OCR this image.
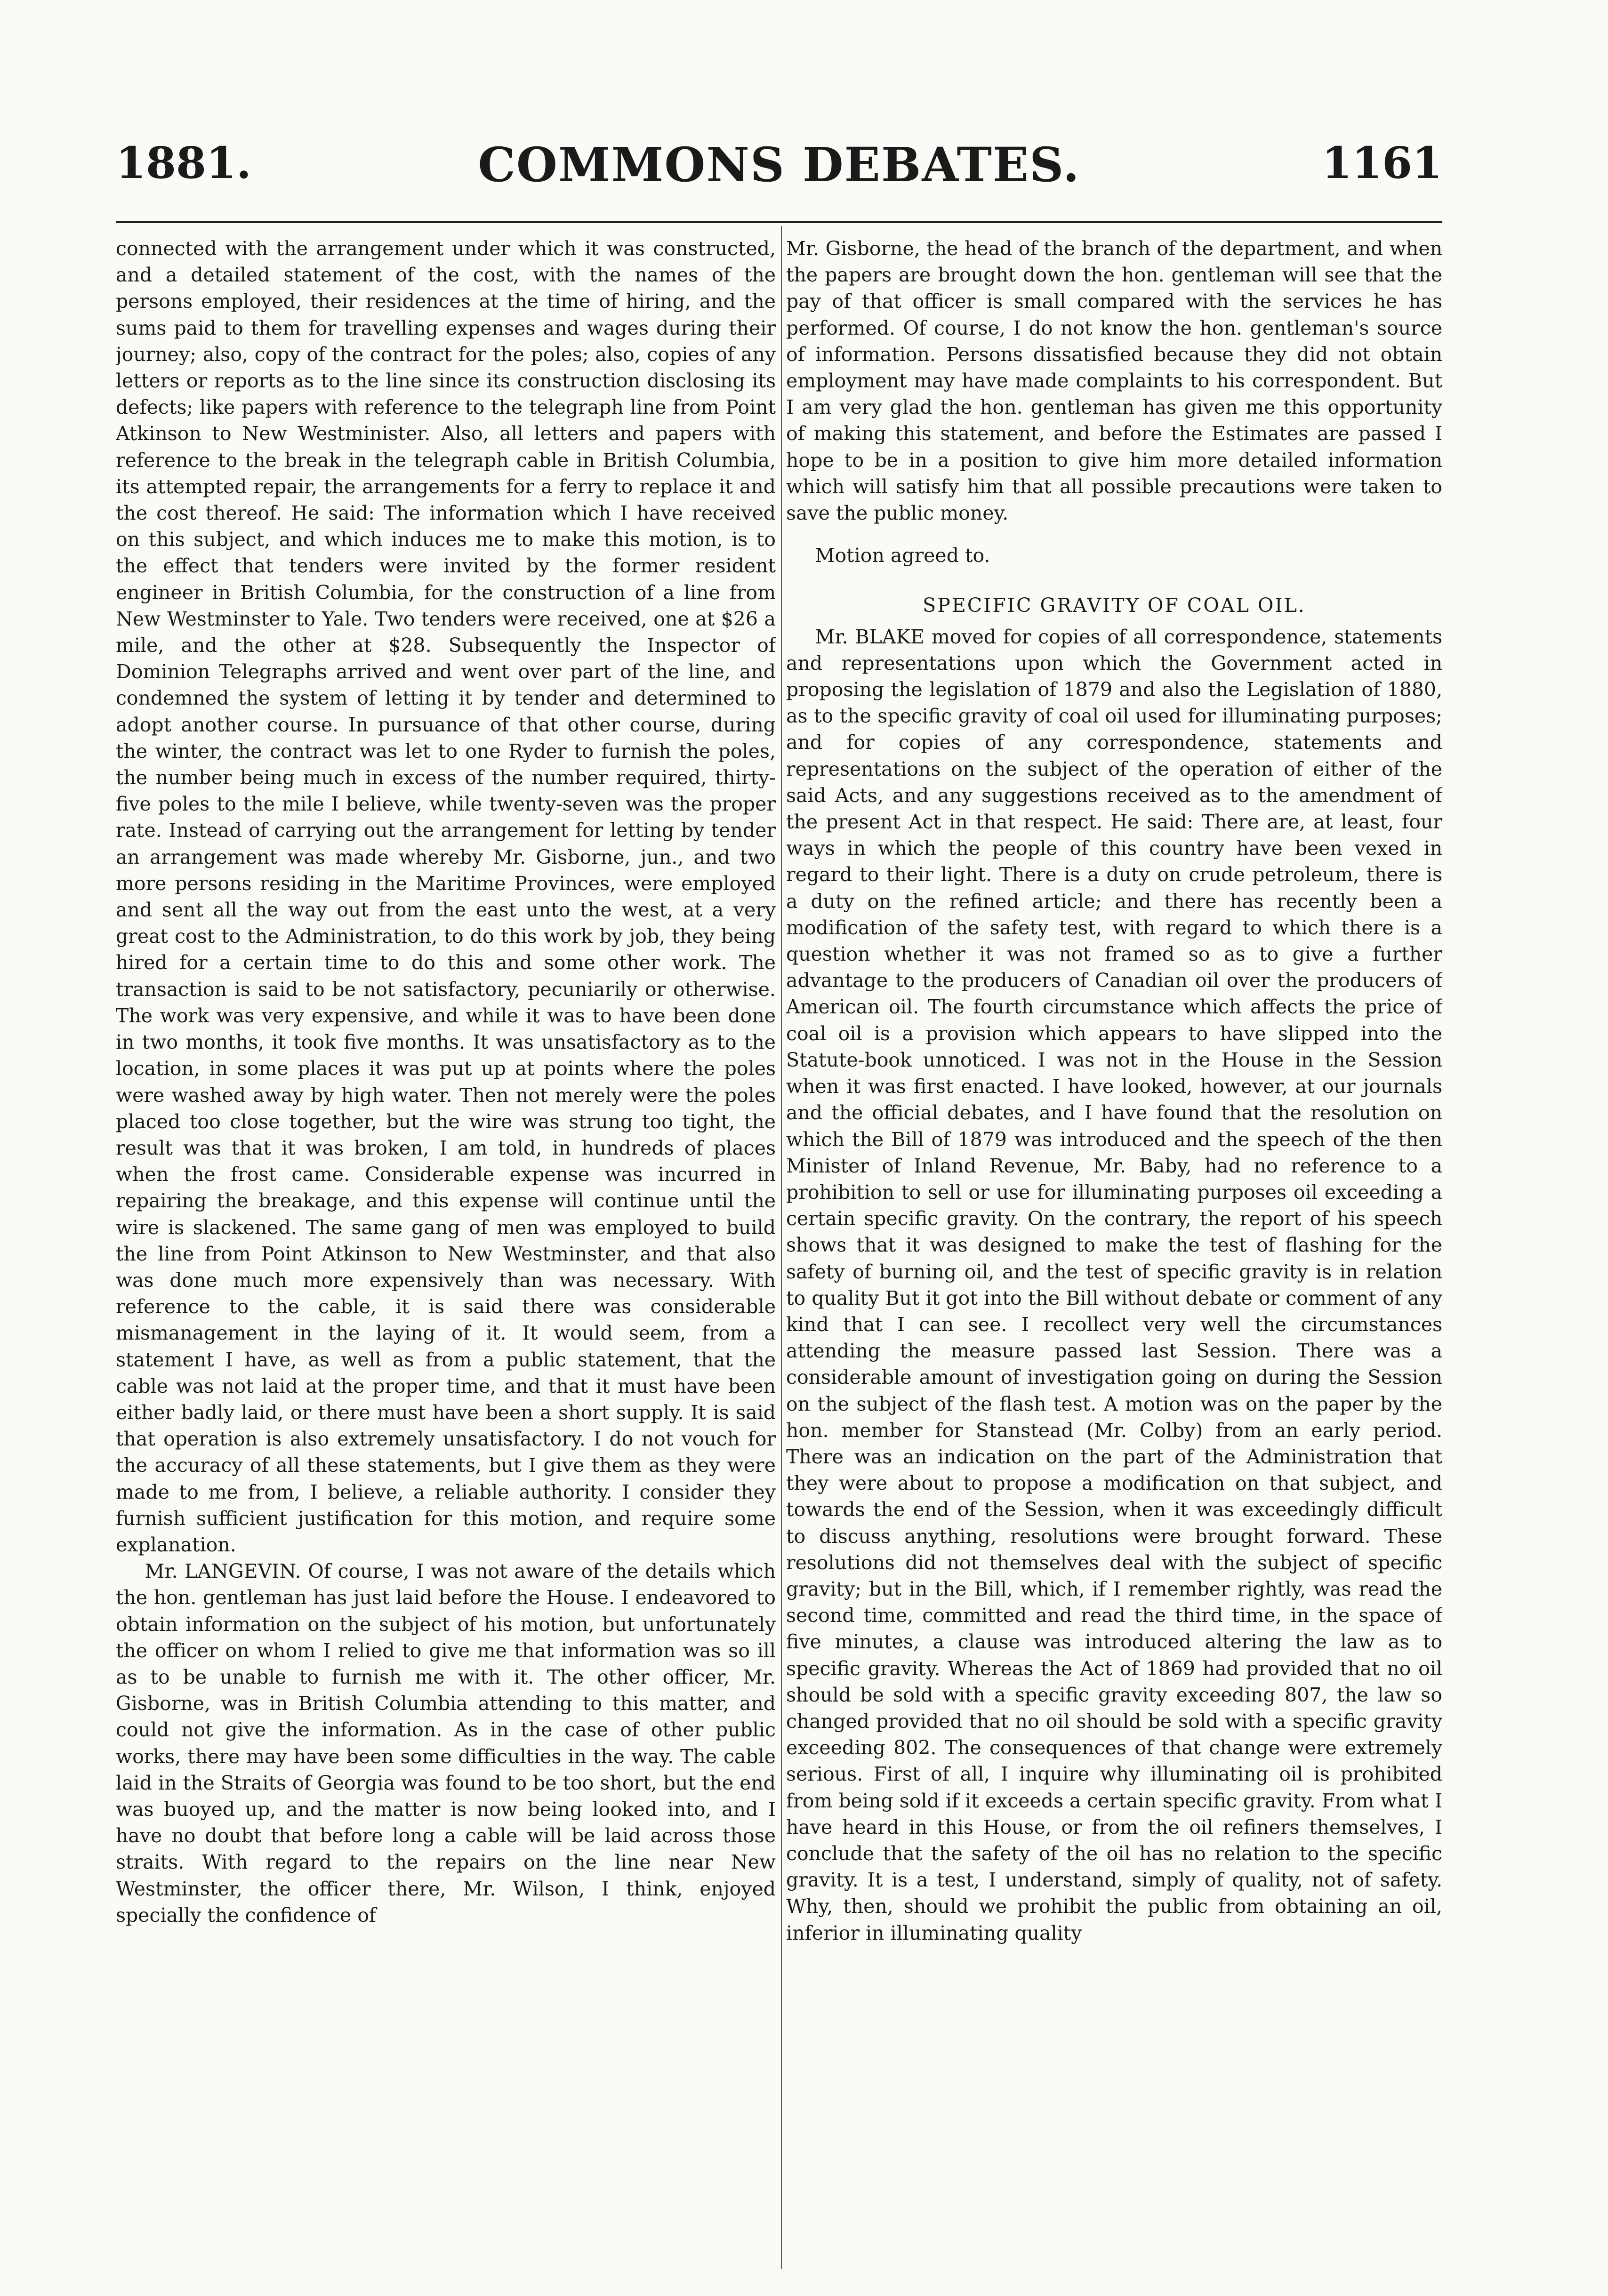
1881.	COMMONS DEBATES.	1161

connected with the arrangement under which it was constructed, and a detailed statement of the cost, with the names of the persons employed, their residences at the time of hiring, and the sums paid to them for travelling expenses and wages during their journey; also, copy of the contract for the poles; also, copies of any letters or reports as to the line since its construction disclosing its defects; like papers with reference to the telegraph line from Point Atkinson to New Westminister. Also, all letters and papers with reference to the break in the telegraph cable in British Columbia, its attempted repair, the arrangements for a ferry to replace it and the cost thereof. He said: The information which I have received on this subject, and which induces me to make this motion, is to the effect that tenders were invited by the former resident engineer in British Columbia, for the construction of a line from New Westminster to Yale. Two tenders were received, one at $26 a mile, and the other at $28. Subsequently the Inspector of Dominion Telegraphs arrived and went over part of the line, and condemned the system of letting it by tender and determined to adopt another course. In pursuance of that other course, during the winter, the contract was let to one Ryder to furnish the poles, the number being much in excess of the number required, thirty-five poles to the mile I believe, while twenty-seven was the proper rate. Instead of carrying out the arrangement for letting by tender an arrangement was made whereby Mr. Gisborne, jun., and two more persons residing in the Maritime Provinces, were employed and sent all the way out from the east unto the west, at a very great cost to the Administration, to do this work by job, they being hired for a certain time to do this and some other work. The transaction is said to be not satisfactory, pecuniarily or otherwise. The work was very expensive, and while it was to have been done in two months, it took five months. It was unsatisfactory as to the location, in some places it was put up at points where the poles were washed away by high water. Then not merely were the poles placed too close together, but the wire was strung too tight, the result was that it was broken, I am told, in hundreds of places when the frost came. Considerable expense was incurred in repairing the breakage, and this expense will continue until the wire is slackened. The same gang of men was employed to build the line from Point Atkinson to New Westminster, and that also was done much more expensively than was necessary. With reference to the cable, it is said there was considerable mismanagement in the laying of it. It would seem, from a statement I have, as well as from a public statement, that the cable was not laid at the proper time, and that it must have been either badly laid, or there must have been a short supply. It is said that operation is also extremely unsatisfactory. I do not vouch for the accuracy of all these statements, but I give them as they were made to me from, I believe, a reliable authority. I consider they furnish sufficient justification for this motion, and require some explanation.

Mr. LANGEVIN. Of course, I was not aware of the details which the hon. gentleman has just laid before the House. I endeavored to obtain information on the subject of his motion, but unfortunately the officer on whom I relied to give me that information was so ill as to be unable to furnish me with it. The other officer, Mr. Gisborne, was in British Columbia attending to this matter, and could not give the information. As in the case of other public works, there may have been some difficulties in the way. The cable laid in the Straits of Georgia was found to be too short, but the end was buoyed up, and the matter is now being looked into, and I have no doubt that before long a cable will be laid across those straits. With regard to the repairs on the line near New Westminster, the officer there, Mr. Wilson, I think, enjoyed specially the confidence of

Mr. Gisborne, the head of the branch of the department, and when the papers are brought down the hon. gentleman will see that the pay of that officer is small compared with the services he has performed. Of course, I do not know the hon. gentleman's source of information. Persons dissatisfied because they did not obtain employment may have made complaints to his correspondent. But I am very glad the hon. gentleman has given me this opportunity of making this statement, and before the Estimates are passed I hope to be in a position to give him more detailed information which will satisfy him that all possible precautions were taken to save the public money.

Motion agreed to.

SPECIFIC GRAVITY OF COAL OIL.

Mr. BLAKE moved for copies of all correspondence, statements and representations upon which the Government acted in proposing the legislation of 1879 and also the Legislation of 1880, as to the specific gravity of coal oil used for illuminating purposes; and for copies of any correspondence, statements and representations on the subject of the operation of either of the said Acts, and any suggestions received as to the amendment of the present Act in that respect. He said: There are, at least, four ways in which the people of this country have been vexed in regard to their light. There is a duty on crude petroleum, there is a duty on the refined article; and there has recently been a modification of the safety test, with regard to which there is a question whether it was not framed so as to give a further advantage to the producers of Canadian oil over the producers of American oil. The fourth circumstance which affects the price of coal oil is a provision which appears to have slipped into the Statute-book unnoticed. I was not in the House in the Session when it was first enacted. I have looked, however, at our journals and the official debates, and I have found that the resolution on which the Bill of 1879 was introduced and the speech of the then Minister of Inland Revenue, Mr. Baby, had no reference to a prohibition to sell or use for illuminating purposes oil exceeding a certain specific gravity. On the contrary, the report of his speech shows that it was designed to make the test of flashing for the safety of burning oil, and the test of specific gravity is in relation to quality But it got into the Bill without debate or comment of any kind that I can see. I recollect very well the circumstances attending the measure passed last Session. There was a considerable amount of investigation going on during the Session on the subject of the flash test. A motion was on the paper by the hon. member for Stanstead (Mr. Colby) from an early period. There was an indication on the part of the Administration that they were about to propose a modification on that subject, and towards the end of the Session, when it was exceedingly difficult to discuss anything, resolutions were brought forward. These resolutions did not themselves deal with the subject of specific gravity; but in the Bill, which, if I remember rightly, was read the second time, committed and read the third time, in the space of five minutes, a clause was introduced altering the law as to specific gravity. Whereas the Act of 1869 had provided that no oil should be sold with a specific gravity exceeding 807, the law so changed provided that no oil should be sold with a specific gravity exceeding 802. The consequences of that change were extremely serious. First of all, I inquire why illuminating oil is prohibited from being sold if it exceeds a certain specific gravity. From what I have heard in this House, or from the oil refiners themselves, I conclude that the safety of the oil has no relation to the specific gravity. It is a test, I understand, simply of quality, not of safety. Why, then, should we prohibit the public from obtaining an oil, inferior in illuminating quality
